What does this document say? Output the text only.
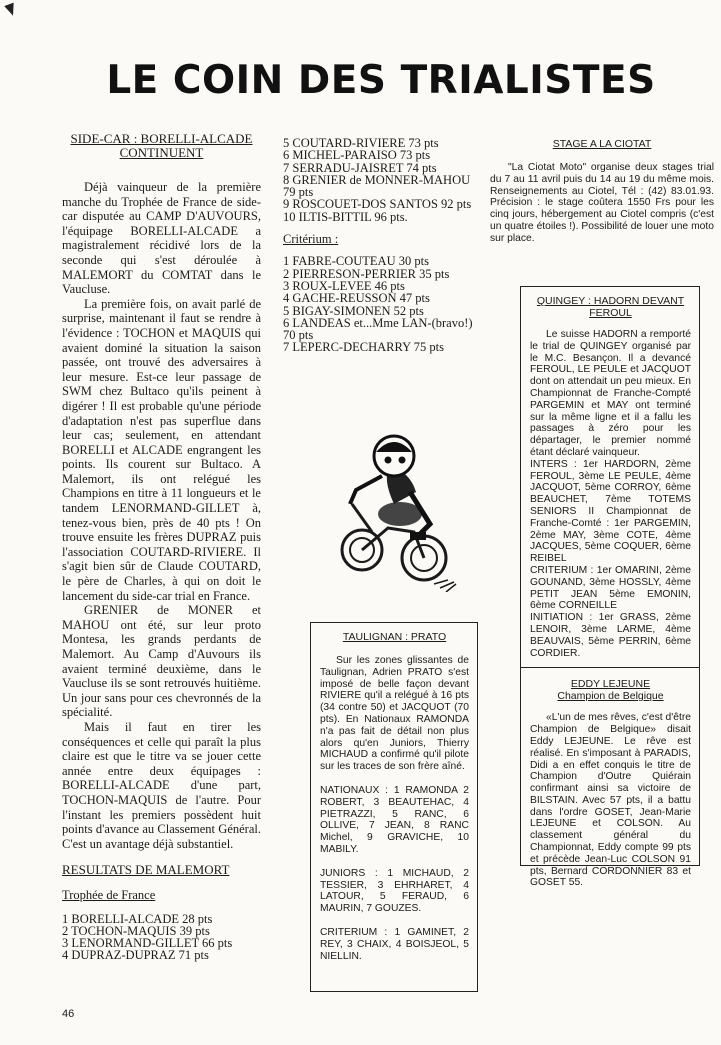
LE COIN DES TRIALISTES
SIDE-CAR : BORELLI-ALCADE CONTINUENT

Déjà vainqueur de la première manche du Trophée de France de side-car disputée au CAMP D'AUVOURS, l'équipage BORELLI-ALCADE a magistralement récidivé lors de la seconde qui s'est déroulée à MALEMORT du COMTAT dans le Vaucluse.

La première fois, on avait parlé de surprise, maintenant il faut se rendre à l'évidence : TOCHON et MAQUIS qui avaient dominé la situation la saison passée, ont trouvé des adversaires à leur mesure. Est-ce leur passage de SWM chez Bultaco qu'ils peinent à digérer ! Il est probable qu'une période d'adaptation n'est pas superflue dans leur cas; seulement, en attendant BORELLI et ALCADE engrangent les points. Ils courent sur Bultaco. A Malemort, ils ont relégué les Champions en titre à 11 longueurs et le tandem LENORMAND-GILLET à, tenez-vous bien, près de 40 pts ! On trouve ensuite les frères DUPRAZ puis l'association COUTARD-RIVIERE. Il s'agit bien sûr de Claude COUTARD, le père de Charles, à qui on doit le lancement du side-car trial en France.

GRENIER de MONER et MAHOU ont été, sur leur proto Montesa, les grands perdants de Malemort. Au Camp d'Auvours ils avaient terminé deuxième, dans le Vaucluse ils se sont retrouvés huitième. Un jour sans pour ces chevronnés de la spécialité.

Mais il faut en tirer les conséquences et celle qui paraît la plus claire est que le titre va se jouer cette année entre deux équipages : BORELLI-ALCADE d'une part, TOCHON-MAQUIS de l'autre. Pour l'instant les premiers possèdent huit points d'avance au Classement Général. C'est un avantage déjà substantiel.

RESULTATS DE MALEMORT
Trophée de France
1 BORELLI-ALCADE 28 pts
2 TOCHON-MAQUIS 39 pts
3 LENORMAND-GILLET 66 pts
4 DUPRAZ-DUPRAZ 71 pts
5 COUTARD-RIVIERE 73 pts
6 MICHEL-PARAISO 73 pts
7 SERRADU-JAISRET 74 pts
8 GRENIER de MONNER-MAHOU 79 pts
9 ROSCOUET-DOS SANTOS 92 pts
10 ILTIS-BITTIL 96 pts.
Critérium :
1 FABRE-COUTEAU 30 pts
2 PIERRESON-PERRIER 35 pts
3 ROUX-LEVEE 46 pts
4 GACHE-REUSSON 47 pts
5 BIGAY-SIMONEN 52 pts
6 LANDEAS et...Mme LAN-(bravo!) 70 pts
7 LEPERC-DECHARRY 75 pts
TAULIGNAN : PRATO
Sur les zones glissantes de Taulignan, Adrien PRATO s'est imposé de belle façon devant RIVIERE qu'il a relégué à 16 pts (34 contre 50) et JACQUOT (70 pts). En Nationaux RAMONDA n'a pas fait de détail non plus alors qu'en Juniors, Thierry MICHAUD a confirmé qu'il pilote sur les traces de son frère aîné.
NATIONAUX : 1 RAMONDA 2 ROBERT, 3 BEAUTEHAC, 4 PIETRAZZI, 5 RANC, 6 OLLIVE, 7 JEAN, 8 RANC Michel, 9 GRAVICHE, 10 MABILY.
JUNIORS : 1 MICHAUD, 2 TESSIER, 3 EHRHARET, 4 LATOUR, 5 FERAUD, 6 MAURIN, 7 GOUZES.
CRITERIUM : 1 GAMINET, 2 REY, 3 CHAIX, 4 BOISJEOL, 5 NIELLIN.
STAGE A LA CIOTAT
"La Ciotat Moto" organise deux stages trial du 7 au 11 avril puis du 14 au 19 du même mois. Renseignements au Ciotel, Tél : (42) 83.01.93. Précision : le stage coûtera 1550 Frs pour les cinq jours, hébergement au Ciotel compris (c'est un quatre étoiles !). Possibilité de louer une moto sur place.
QUINGEY : HADORN DEVANT FEROUL
Le suisse HADORN a remporté le trial de QUINGEY organisé par le M.C. Besançon. Il a devancé FEROUL, LE PEULE et JACQUOT dont on attendait un peu mieux. En Championnat de Franche-Compté PARGEMIN et MAY ont terminé sur la même ligne et il a fallu les passages à zéro pour les départager, le premier nommé étant déclaré vainqueur.
INTERS : 1er HARDORN, 2ème FEROUL, 3ème LE PEULE, 4ème JACQUOT, 5ème CORROY, 6ème BEAUCHET, 7ème TOTEMS SENIORS II Championnat de Franche-Comté : 1er PARGEMIN, 2ème MAY, 3ème COTE, 4ème JACQUES, 5ème COQUER, 6ème REIBEL
CRITERIUM : 1er OMARINI, 2ème GOUNAND, 3ème HOSSLY, 4ème PETIT JEAN 5ème EMONIN, 6ème CORNEILLE
INITIATION : 1er GRASS, 2ème LENOIR, 3ème LARME, 4ème BEAUVAIS, 5ème PERRIN, 6ème CORDIER.
EDDY LEJEUNE
Champion de Belgique
«L'un de mes rêves, c'est d'être Champion de Belgique» disait Eddy LEJEUNE. Le rêve est réalisé. En s'imposant à PARADIS, Didi a en effet conquis le titre de Champion d'Outre Quiérain confirmant ainsi sa victoire de BILSTAIN. Avec 57 pts, il a battu dans l'ordre GOSET, Jean-Marie LEJEUNE et COLSON. Au classement général du Championnat, Eddy compte 99 pts et précède Jean-Luc COLSON 91 pts, Bernard CORDONNIER 83 et GOSET 55.
46
